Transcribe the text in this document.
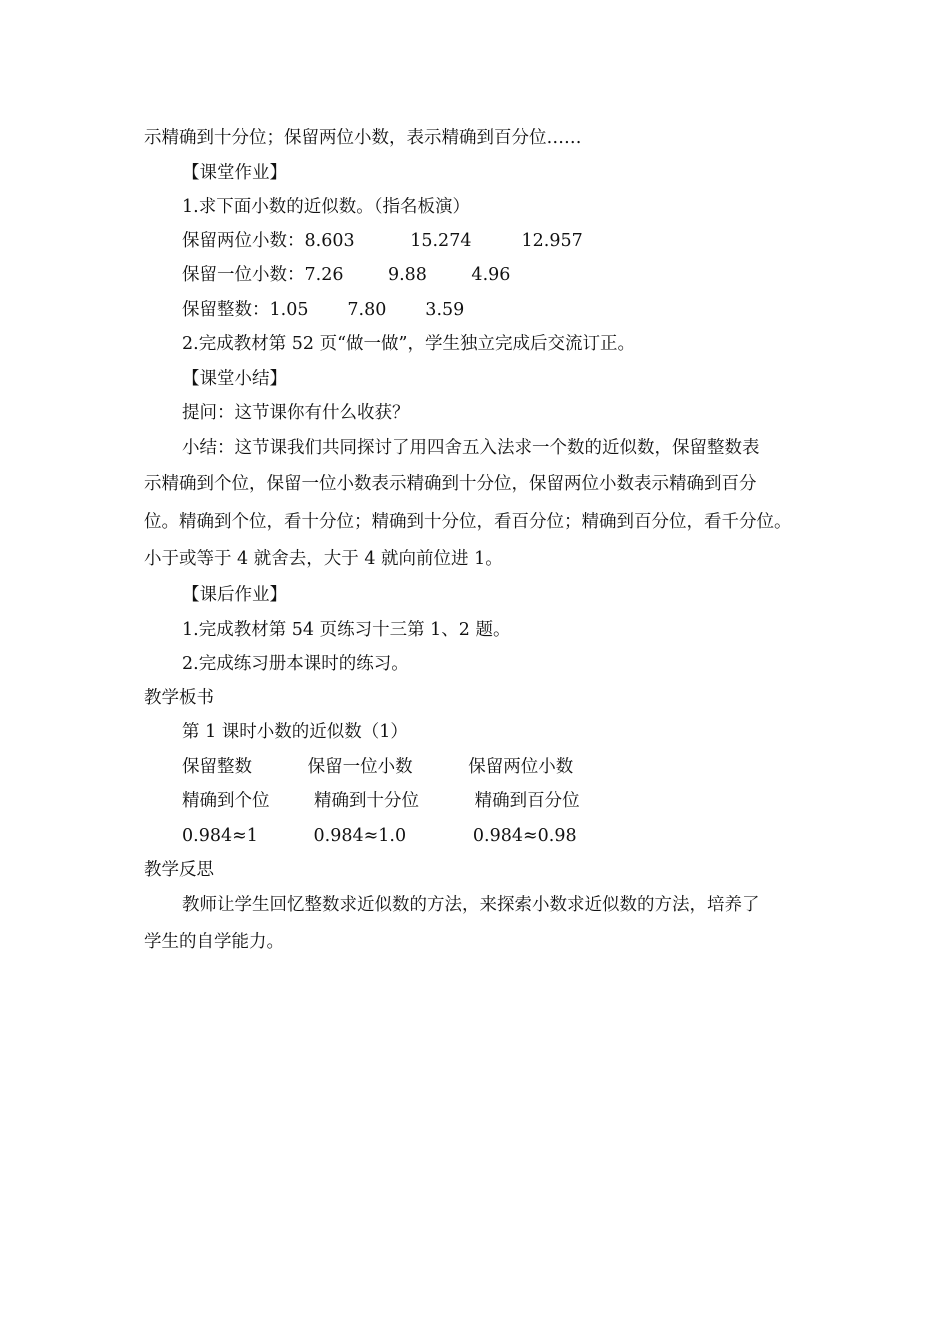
示精确到十分位；保留两位小数，表示精确到百分位……
【课堂作业】
1.求下面小数的近似数。（指名板演）
保留两位小数：8.603          15.274         12.957
保留一位小数：7.26        9.88        4.96
保留整数：1.05       7.80       3.59
2.完成教材第 52 页“做一做”，学生独立完成后交流订正。
【课堂小结】
提问：这节课你有什么收获？
小结：这节课我们共同探讨了用四舍五入法求一个数的近似数，保留整数表
示精确到个位，保留一位小数表示精确到十分位，保留两位小数表示精确到百分
位。精确到个位，看十分位；精确到十分位，看百分位；精确到百分位，看千分位。
小于或等于 4 就舍去，大于 4 就向前位进 1。
【课后作业】
1.完成教材第 54 页练习十三第 1、2 题。
2.完成练习册本课时的练习。
教学板书
第 1 课时小数的近似数（1）
保留整数          保留一位小数          保留两位小数
精确到个位        精确到十分位          精确到百分位
0.984≈1          0.984≈1.0            0.984≈0.98
教学反思
教师让学生回忆整数求近似数的方法，来探索小数求近似数的方法，培养了
学生的自学能力。
